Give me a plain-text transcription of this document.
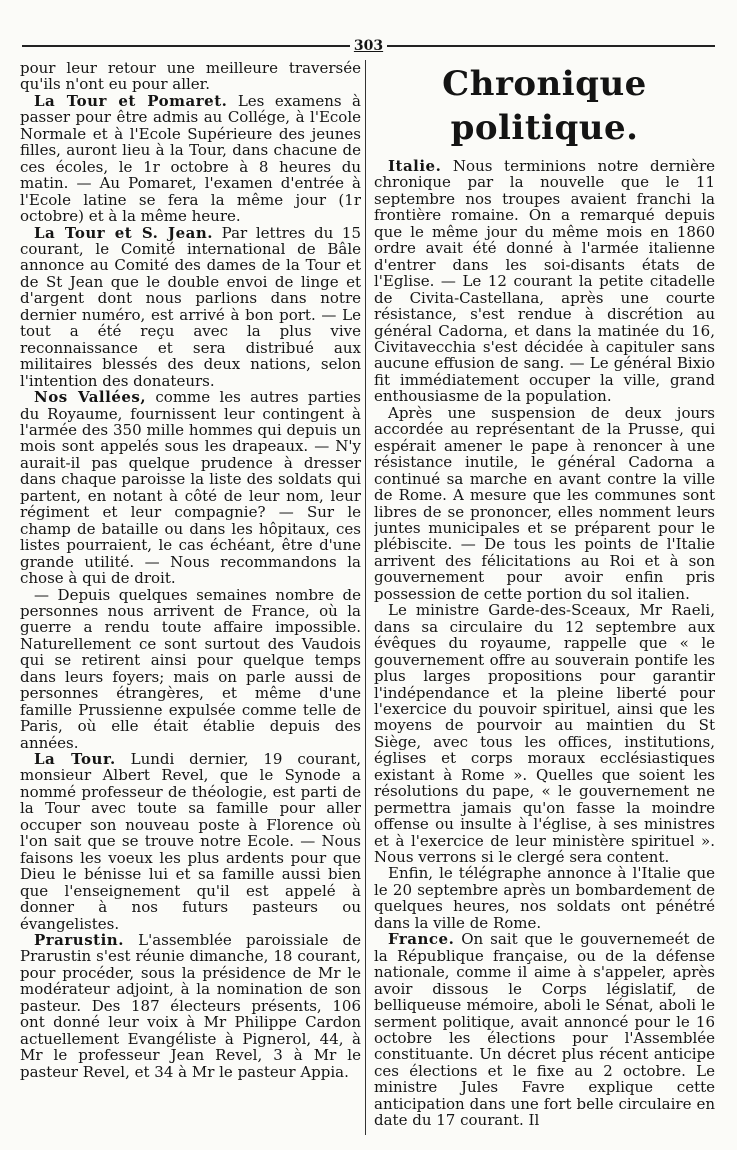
303

pour leur retour une meilleure traversée qu'ils n'ont eu pour aller.

La Tour et Pomaret. Les examens à passer pour être admis au Collége, à l'Ecole Normale et à l'Ecole Supérieure des jeunes filles, auront lieu à la Tour, dans chacune de ces écoles, le 1r octobre à 8 heures du matin. — Au Pomaret, l'examen d'entrée à l'Ecole latine se fera la même jour (1r octobre) et à la même heure.

La Tour et S. Jean. Par lettres du 15 courant, le Comité international de Bâle annonce au Comité des dames de la Tour et de St Jean que le double envoi de linge et d'argent dont nous parlions dans notre dernier numéro, est arrivé à bon port. — Le tout a été reçu avec la plus vive reconnaissance et sera distribué aux militaires blessés des deux nations, selon l'intention des donateurs.

Nos Vallées, comme les autres parties du Royaume, fournissent leur contingent à l'armée des 350 mille hommes qui depuis un mois sont appelés sous les drapeaux. — N'y aurait-il pas quelque prudence à dresser dans chaque paroisse la liste des soldats qui partent, en notant à côté de leur nom, leur régiment et leur compagnie? — Sur le champ de bataille ou dans les hôpitaux, ces listes pourraient, le cas échéant, être d'une grande utilité. — Nous recommandons la chose à qui de droit.

— Depuis quelques semaines nombre de personnes nous arrivent de France, où la guerre a rendu toute affaire impossible. Naturellement ce sont surtout des Vaudois qui se retirent ainsi pour quelque temps dans leurs foyers; mais on parle aussi de personnes étrangères, et même d'une famille Prussienne expulsée comme telle de Paris, où elle était établie depuis des années.

La Tour. Lundi dernier, 19 courant, monsieur Albert Revel, que le Synode a nommé professeur de théologie, est parti de la Tour avec toute sa famille pour aller occuper son nouveau poste à Florence où l'on sait que se trouve notre Ecole. — Nous faisons les voeux les plus ardents pour que Dieu le bénisse lui et sa famille aussi bien que l'enseignement qu'il est appelé à donner à nos futurs pasteurs ou évangelistes.

Prarustin. L'assemblée paroissiale de Prarustin s'est réunie dimanche, 18 courant, pour procéder, sous la présidence de Mr le modérateur adjoint, à la nomination de son pasteur. Des 187 électeurs présents, 106 ont donné leur voix à Mr Philippe Cardon actuellement Evangéliste à Pignerol, 44, à Mr le professeur Jean Revel, 3 à Mr le pasteur Revel, et 34 à Mr le pasteur Appia.

Chronique politique.

Italie. Nous terminions notre dernière chronique par la nouvelle que le 11 septembre nos troupes avaient franchi la frontière romaine. On a remarqué depuis que le même jour du même mois en 1860 ordre avait été donné à l'armée italienne d'entrer dans les soi-disants états de l'Eglise. — Le 12 courant la petite citadelle de Civita-Castellana, après une courte résistance, s'est rendue à discrétion au général Cadorna, et dans la matinée du 16, Civitavecchia s'est décidée à capituler sans aucune effusion de sang. — Le général Bixio fit immédiatement occuper la ville, grand enthousiasme de la population.

Après une suspension de deux jours accordée au représentant de la Prusse, qui espérait amener le pape à renoncer à une résistance inutile, le général Cadorna a continué sa marche en avant contre la ville de Rome. A mesure que les communes sont libres de se prononcer, elles nomment leurs juntes municipales et se préparent pour le plébiscite. — De tous les points de l'Italie arrivent des félicitations au Roi et à son gouvernement pour avoir enfin pris possession de cette portion du sol italien.

Le ministre Garde-des-Sceaux, Mr Raeli, dans sa circulaire du 12 septembre aux évêques du royaume, rappelle que « le gouvernement offre au souverain pontife les plus larges propositions pour garantir l'indépendance et la pleine liberté pour l'exercice du pouvoir spirituel, ainsi que les moyens de pourvoir au maintien du St Siège, avec tous les offices, institutions, églises et corps moraux ecclésiastiques existant à Rome ». Quelles que soient les résolutions du pape, « le gouvernement ne permettra jamais qu'on fasse la moindre offense ou insulte à l'église, à ses ministres et à l'exercice de leur ministère spirituel ». Nous verrons si le clergé sera content.

Enfin, le télégraphe annonce à l'Italie que le 20 septembre après un bombardement de quelques heures, nos soldats ont pénétré dans la ville de Rome.

France. On sait que le gouvernemeét de la République française, ou de la défense nationale, comme il aime à s'appeler, après avoir dissous le Corps législatif, de belliqueuse mémoire, aboli le Sénat, aboli le serment politique, avait annoncé pour le 16 octobre les élections pour l'Assemblée constituante. Un décret plus récent anticipe ces élections et le fixe au 2 octobre. Le ministre Jules Favre explique cette anticipation dans une fort belle circulaire en date du 17 courant. Il
